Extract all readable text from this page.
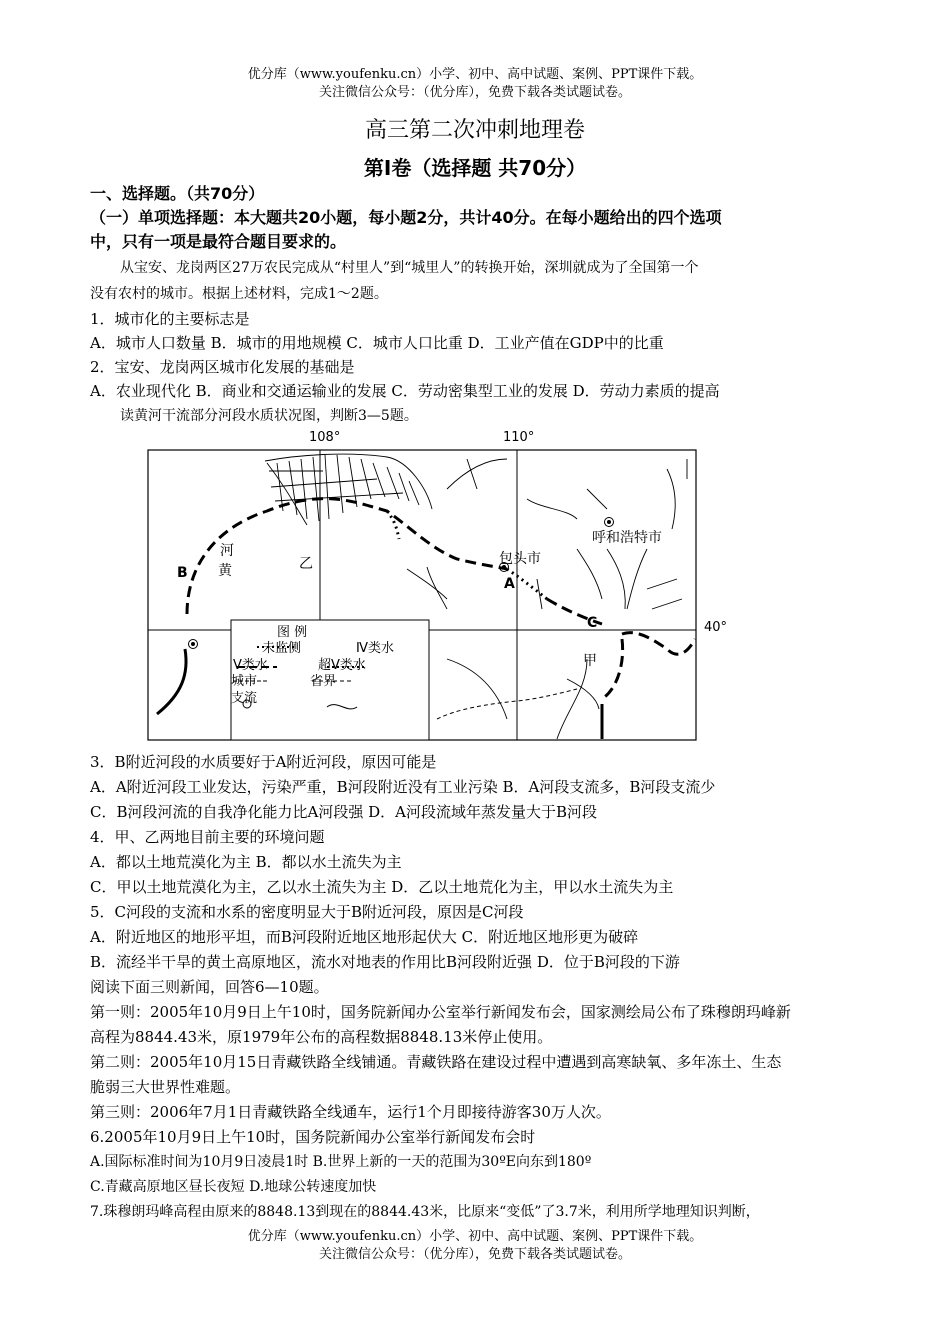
优分库（www.youfenku.cn）小学、初中、高中试题、案例、PPT课件下载。
关注微信公众号：（优分库），免费下载各类试题试卷。
高三第二次冲刺地理卷
第Ⅰ卷（选择题 共70分）
一、选择题。（共70分）
（一）单项选择题：本大题共20小题，每小题2分，共计40分。在每小题给出的四个选项
中，只有一项是最符合题目要求的。
从宝安、龙岗两区27万农民完成从“村里人”到“城里人”的转换开始，深圳就成为了全国第一个
没有农村的城市。根据上述材料，完成1～2题。
1．城市化的主要标志是
A．城市人口数量 B．城市的用地规模 C．城市人口比重 D．工业产值在GDP中的比重
2．宝安、龙岗两区城市化发展的基础是
A．农业现代化 B．商业和交通运输业的发展 C．劳动密集型工业的发展 D．劳动力素质的提高
读黄河干流部分河段水质状况图，判断3—5题。
108°	110°
40°
包头市
呼和浩特市
河
黄	乙
甲
A
B
C
图 例
未监侧	Ⅳ类水
Ⅴ类水	超Ⅴ类水
城市	省界
支流
3．B附近河段的水质要好于A附近河段，原因可能是
A．A附近河段工业发达，污染严重，B河段附近没有工业污染 B．A河段支流多，B河段支流少
C．B河段河流的自我净化能力比A河段强 D．A河段流域年蒸发量大于B河段
4．甲、乙两地目前主要的环境问题
A．都以土地荒漠化为主 B．都以水土流失为主
C．甲以土地荒漠化为主，乙以水土流失为主 D．乙以土地荒化为主，甲以水土流失为主
5．C河段的支流和水系的密度明显大于B附近河段，原因是C河段
A．附近地区的地形平坦，而B河段附近地区地形起伏大 C．附近地区地形更为破碎
B．流经半干旱的黄土高原地区，流水对地表的作用比B河段附近强 D．位于B河段的下游
阅读下面三则新闻，回答6—10题。
第一则：2005年10月9日上午10时，国务院新闻办公室举行新闻发布会，国家测绘局公布了珠穆朗玛峰新
高程为8844.43米，原1979年公布的高程数据8848.13米停止使用。
第二则：2005年10月15日青藏铁路全线铺通。青藏铁路在建设过程中遭遇到高寒缺氧、多年冻土、生态
脆弱三大世界性难题。
第三则：2006年7月1日青藏铁路全线通车，运行1个月即接待游客30万人次。
6.2005年10月9日上午10时，国务院新闻办公室举行新闻发布会时
A.国际标准时间为10月9日凌晨1时 B.世界上新的一天的范围为30ºE向东到180º
C.青藏高原地区昼长夜短 D.地球公转速度加快
7.珠穆朗玛峰高程由原来的8848.13到现在的8844.43米，比原来“变低”了3.7米，利用所学地理知识判断，
优分库（www.youfenku.cn）小学、初中、高中试题、案例、PPT课件下载。
关注微信公众号：（优分库），免费下载各类试题试卷。
